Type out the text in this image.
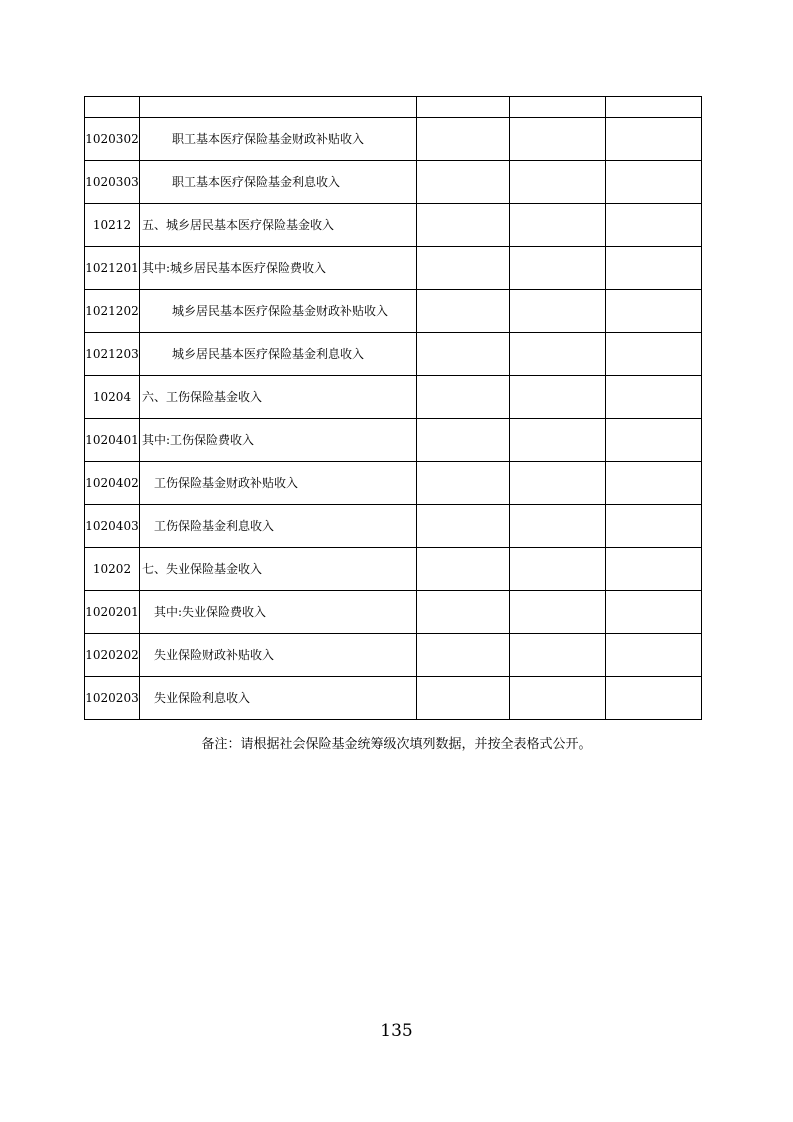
1020302	职工基本医疗保险基金财政补贴收入			
1020303	职工基本医疗保险基金利息收入			
10212	五、城乡居民基本医疗保险基金收入			
1021201	其中:城乡居民基本医疗保险费收入			
1021202	城乡居民基本医疗保险基金财政补贴收入			
1021203	城乡居民基本医疗保险基金利息收入			
10204	六、工伤保险基金收入			
1020401	其中:工伤保险费收入			
1020402	工伤保险基金财政补贴收入			
1020403	工伤保险基金利息收入			
10202	七、失业保险基金收入			
1020201	其中:失业保险费收入			
1020202	失业保险财政补贴收入			
1020203	失业保险利息收入			
备注：请根据社会保险基金统筹级次填列数据，并按全表格式公开。
135
